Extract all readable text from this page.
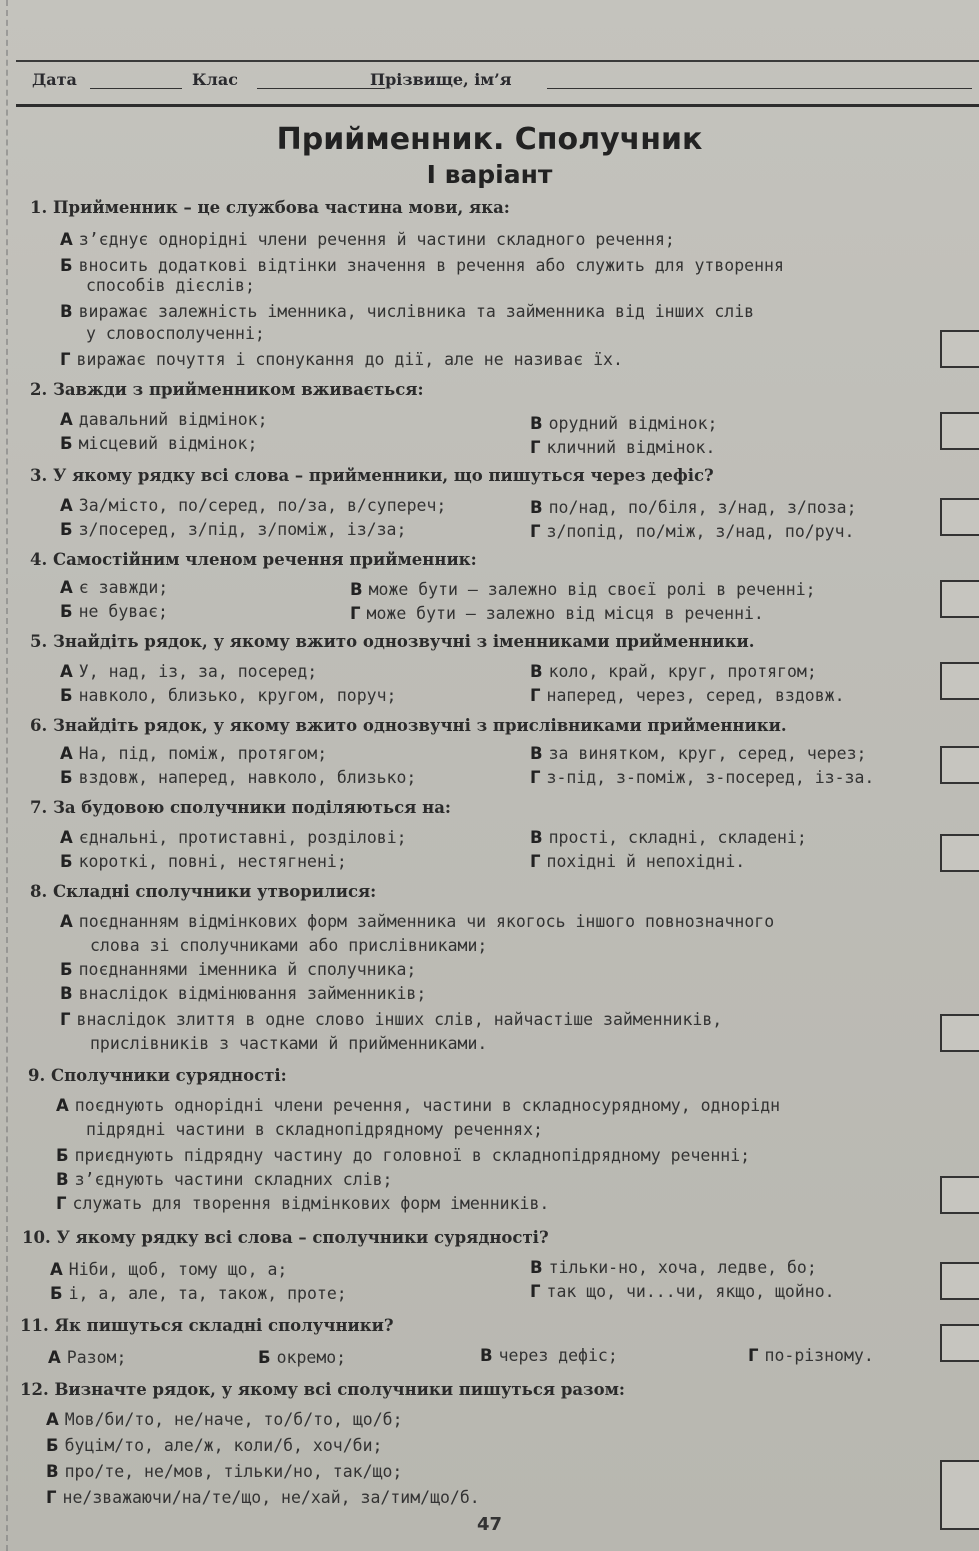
Дата	Клас	Прізвище, ім’я
Прийменник. Сполучник
І варіант
1. Прийменник – це службова частина мови, яка:
А з’єднує однорідні члени речення й частини складного речення;
Б вносить додаткові відтінки значення в речення або служить для утворення
способів дієслів;
В виражає залежність іменника, числівника та займенника від інших слів
у словосполученні;
Г виражає почуття і спонукання до дії, але не називає їх.
2. Завжди з прийменником вживається:
А давальний відмінок;
Б місцевий відмінок;
В орудний відмінок;
Г кличний відмінок.
3. У якому рядку всі слова – прийменники, що пишуться через дефіс?
А За/місто, по/серед, по/за, в/супереч;
Б з/посеред, з/під, з/поміж, із/за;
В по/над, по/біля, з/над, з/поза;
Г з/попід, по/між, з/над, по/руч.
4. Самостійним членом речення прийменник:
А є завжди;
Б не буває;
В може бути – залежно від своєї ролі в реченні;
Г може бути – залежно від місця в реченні.
5. Знайдіть рядок, у якому вжито однозвучні з іменниками прийменники.
А У, над, із, за, посеред;
Б навколо, близько, кругом, поруч;
В коло, край, круг, протягом;
Г наперед, через, серед, вздовж.
6. Знайдіть рядок, у якому вжито однозвучні з прислівниками прийменники.
А На, під, поміж, протягом;
Б вздовж, наперед, навколо, близько;
В за винятком, круг, серед, через;
Г з-під, з-поміж, з-посеред, із-за.
7. За будовою сполучники поділяються на:
А єднальні, протиставні, розділові;
Б короткі, повні, нестягнені;
В прості, складні, складені;
Г похідні й непохідні.
8. Складні сполучники утворилися:
А поєднанням відмінкових форм займенника чи якогось іншого повнозначного
слова зі сполучниками або прислівниками;
Б поєднаннями іменника й сполучника;
В внаслідок відмінювання займенників;
Г внаслідок злиття в одне слово інших слів, найчастіше займенників,
прислівників з частками й прийменниками.
9. Сполучники сурядності:
А поєднують однорідні члени речення, частини в складносурядному, однорідн
підрядні частини в складнопідрядному реченнях;
Б приєднують підрядну частину до головної в складнопідрядному реченні;
В з’єднують частини складних слів;
Г служать для творення відмінкових форм іменників.
10. У якому рядку всі слова – сполучники сурядності?
А Ніби, щоб, тому що, а;
Б і, а, але, та, також, проте;
В тільки-но, хоча, ледве, бо;
Г так що, чи...чи, якщо, щойно.
11. Як пишуться складні сполучники?
А Разом;	Б окремо;	В через дефіс;	Г по-різному.
12. Визначте рядок, у якому всі сполучники пишуться разом:
А Мов/би/то, не/наче, то/б/то, що/б;
Б буцім/то, але/ж, коли/б, хоч/би;
В про/те, не/мов, тільки/но, так/що;
Г не/зважаючи/на/те/що, не/хай, за/тим/що/б.
47
